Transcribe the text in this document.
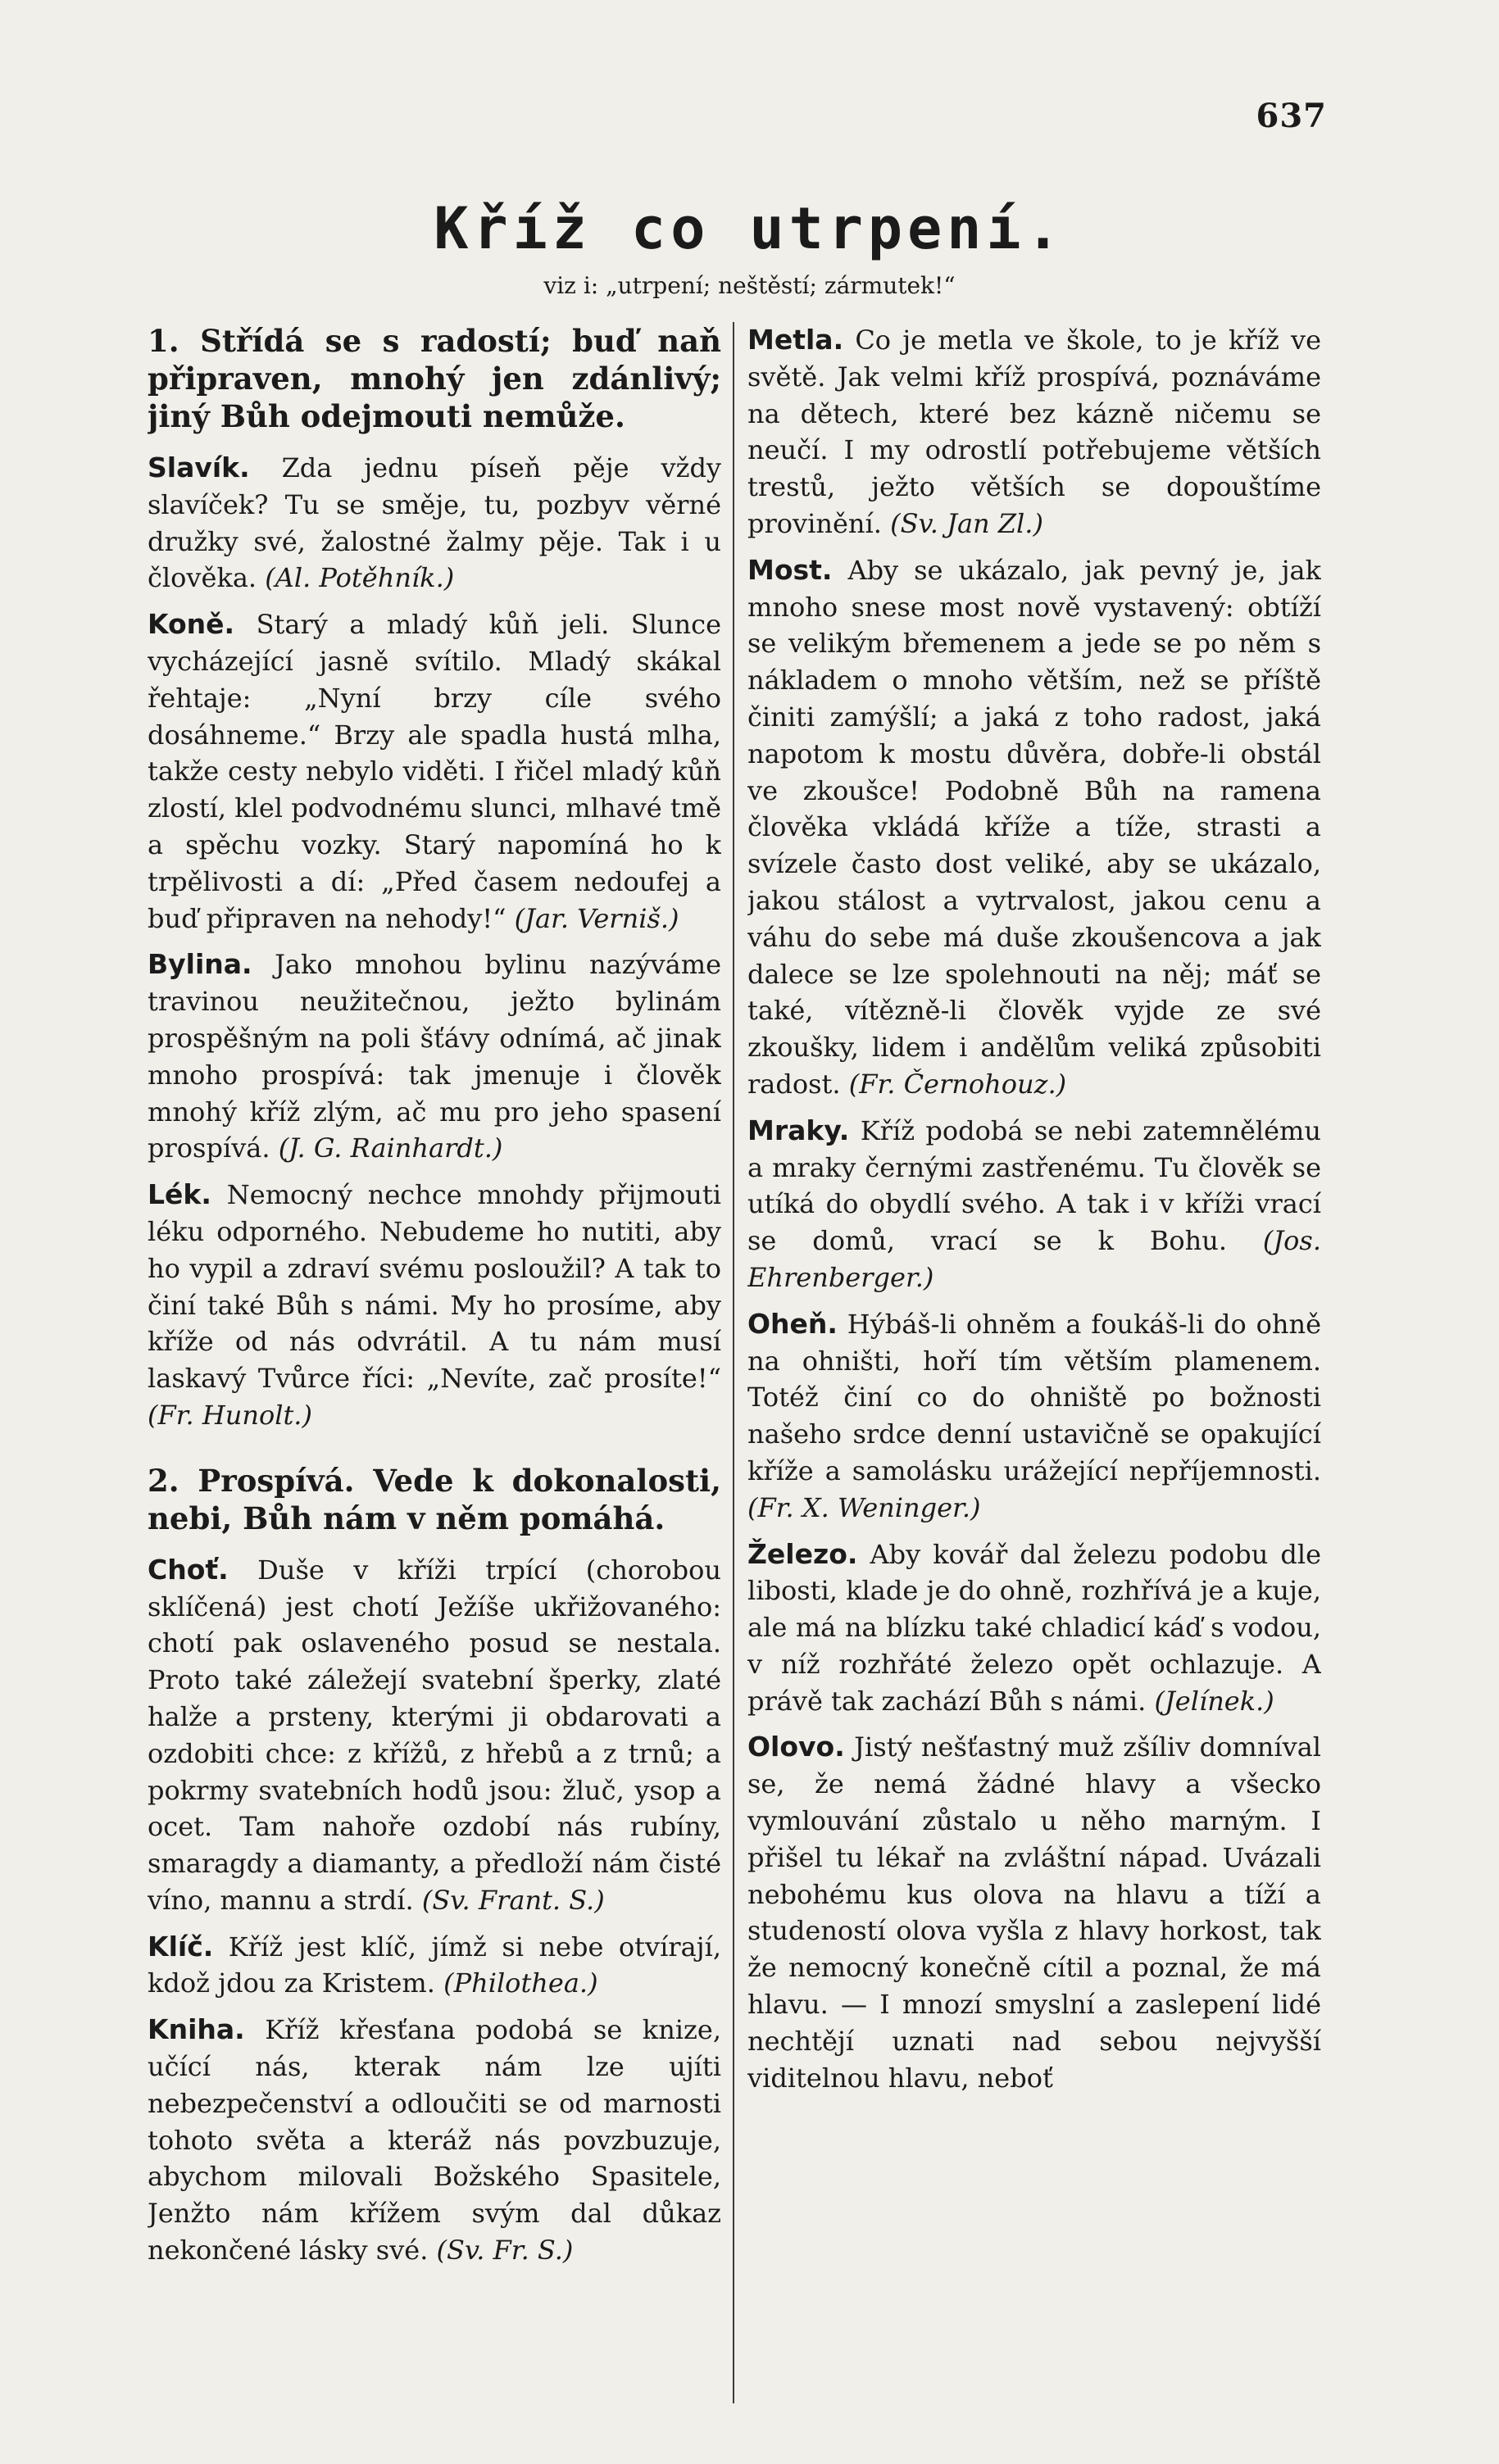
637
Kříž co utrpení.
viz i: „utrpení; neštěstí; zármutek!“
1. Střídá se s radostí; buď naň připraven, mnohý jen zdánlivý; jiný Bůh odejmouti nemůže.

Slavík. Zda jednu píseň pěje vždy slavíček? Tu se směje, tu, pozbyv věrné družky své, žalostné žalmy pěje. Tak i u člověka. (Al. Potěhník.)

Koně. Starý a mladý kůň jeli. Slunce vycházející jasně svítilo. Mladý skákal řehtaje: „Nyní brzy cíle svého dosáhneme.“ Brzy ale spadla hustá mlha, takže cesty nebylo viděti. I řičel mladý kůň zlostí, klel podvodnému slunci, mlhavé tmě a spěchu vozky. Starý napomíná ho k trpělivosti a dí: „Před časem nedoufej a buď připraven na nehody!“ (Jar. Verniš.)

Bylina. Jako mnohou bylinu nazýváme travinou neužitečnou, ježto bylinám prospěšným na poli šťávy odnímá, ač jinak mnoho prospívá: tak jmenuje i člověk mnohý kříž zlým, ač mu pro jeho spasení prospívá. (J. G. Rainhardt.)

Lék. Nemocný nechce mnohdy přijmouti léku odporného. Nebudeme ho nutiti, aby ho vypil a zdraví svému posloužil? A tak to činí také Bůh s námi. My ho prosíme, aby kříže od nás odvrátil. A tu nám musí laskavý Tvůrce říci: „Nevíte, zač prosíte!“ (Fr. Hunolt.)

2. Prospívá. Vede k dokonalosti, nebi, Bůh nám v něm pomáhá.

Choť. Duše v kříži trpící (chorobou sklíčená) jest chotí Ježíše ukřižovaného: chotí pak oslaveného posud se nestala. Proto také záležejí svatební šperky, zlaté halže a prsteny, kterými ji obdarovati a ozdobiti chce: z křížů, z hřebů a z trnů; a pokrmy svatebních hodů jsou: žluč, ysop a ocet. Tam nahoře ozdobí nás rubíny, smaragdy a diamanty, a předloží nám čisté víno, mannu a strdí. (Sv. Frant. S.)

Klíč. Kříž jest klíč, jímž si nebe otvírají, kdož jdou za Kristem. (Philothea.)

Kniha. Kříž křesťana podobá se knize, učící nás, kterak nám lze ujíti nebezpečenství a odloučiti se od marnosti tohoto světa a kteráž nás povzbuzuje, abychom milovali Božského Spasitele, Jenžto nám křížem svým dal důkaz nekončené lásky své. (Sv. Fr. S.)

Metla. Co je metla ve škole, to je kříž ve světě. Jak velmi kříž prospívá, poznáváme na dětech, které bez kázně ničemu se neučí. I my odrostlí potřebujeme větších trestů, ježto větších se dopouštíme provinění. (Sv. Jan Zl.)

Most. Aby se ukázalo, jak pevný je, jak mnoho snese most nově vystavený: obtíží se velikým břemenem a jede se po něm s nákladem o mnoho větším, než se příště činiti zamýšlí; a jaká z toho radost, jaká napotom k mostu důvěra, dobře-li obstál ve zkoušce! Podobně Bůh na ramena člověka vkládá kříže a tíže, strasti a svízele často dost veliké, aby se ukázalo, jakou stálost a vytrvalost, jakou cenu a váhu do sebe má duše zkoušencova a jak dalece se lze spolehnouti na něj; máť se také, vítězně-li člověk vyjde ze své zkoušky, lidem i andělům veliká způsobiti radost. (Fr. Černohouz.)

Mraky. Kříž podobá se nebi zatemnělému a mraky černými zastřenému. Tu člověk se utíká do obydlí svého. A tak i v kříži vrací se domů, vrací se k Bohu. (Jos. Ehrenberger.)

Oheň. Hýbáš-li ohněm a foukáš-li do ohně na ohništi, hoří tím větším plamenem. Totéž činí co do ohniště po božnosti našeho srdce denní ustavičně se opakující kříže a samolásku urážející nepříjemnosti. (Fr. X. Weninger.)

Železo. Aby kovář dal železu podobu dle libosti, klade je do ohně, rozhřívá je a kuje, ale má na blízku také chladicí káď s vodou, v níž rozhřáté železo opět ochlazuje. A právě tak zachází Bůh s námi. (Jelínek.)

Olovo. Jistý nešťastný muž zšíliv domníval se, že nemá žádné hlavy a všecko vymlouvání zůstalo u něho marným. I přišel tu lékař na zvláštní nápad. Uvázali nebohému kus olova na hlavu a tíží a studeností olova vyšla z hlavy horkost, tak že nemocný konečně cítil a poznal, že má hlavu. — I mnozí smyslní a zaslepení lidé nechtějí uznati nad sebou nejvyšší viditelnou hlavu, neboť
